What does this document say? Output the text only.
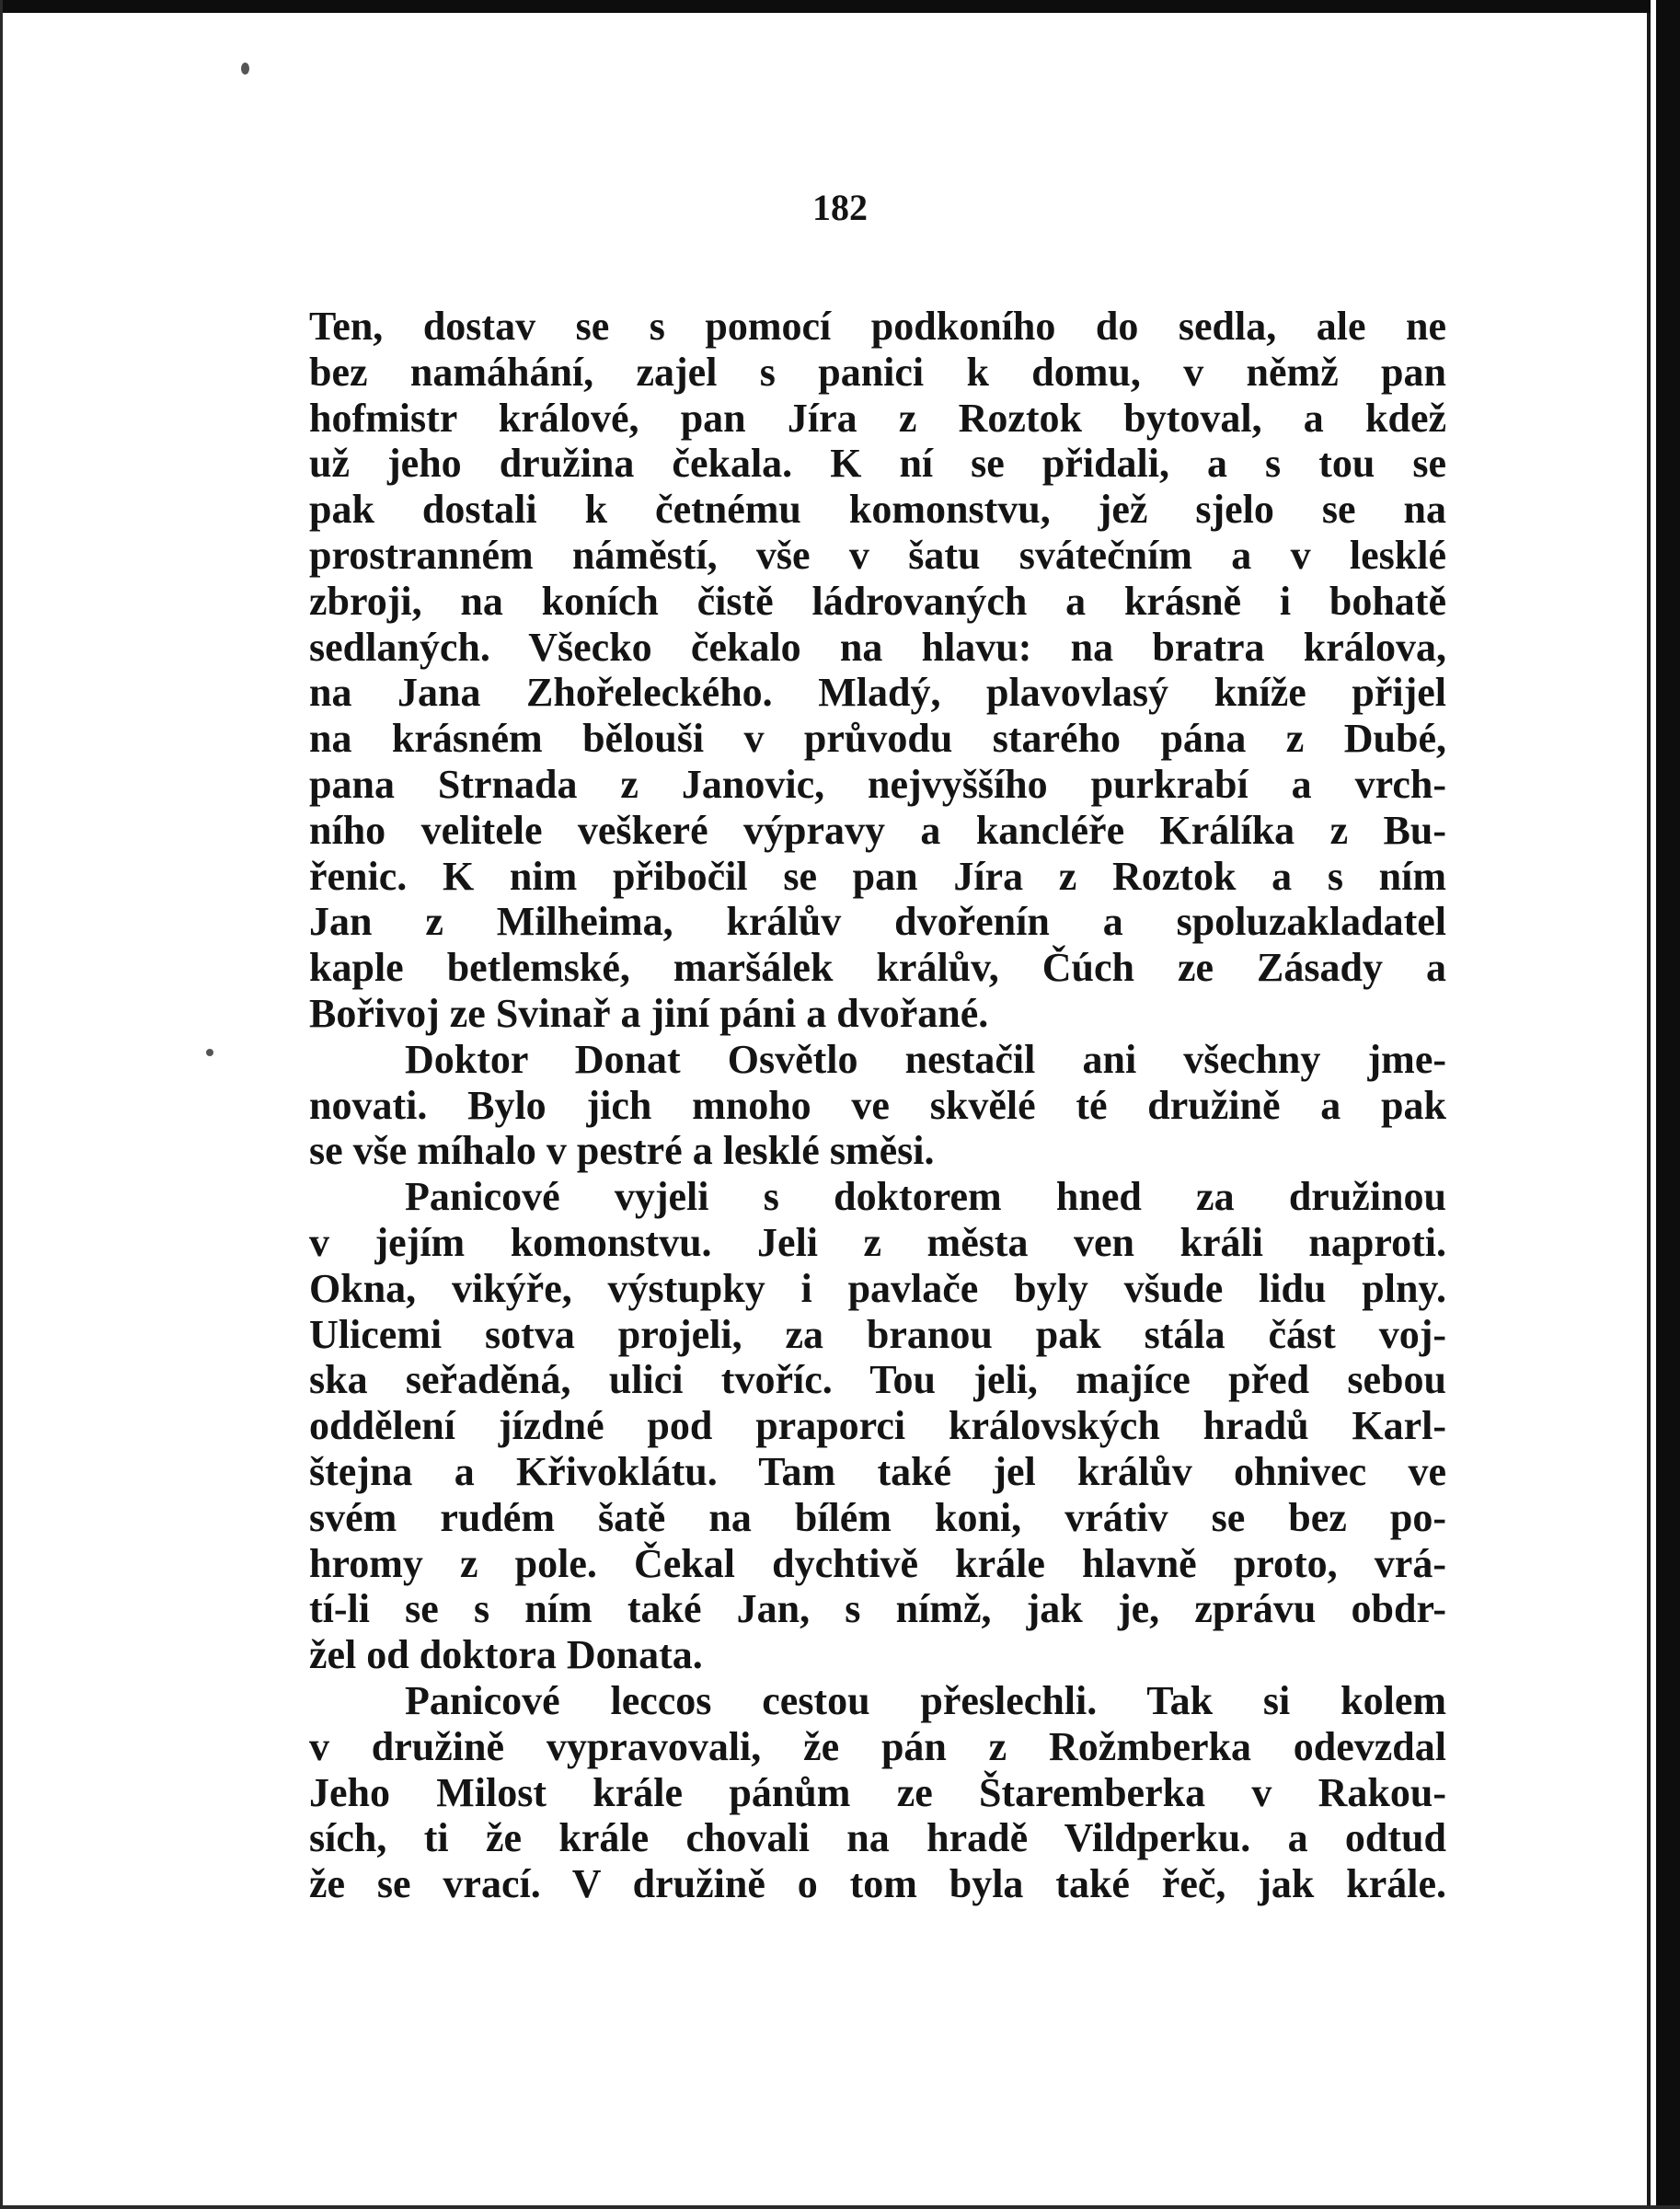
182
Ten, dostav se s pomocí podkoního do sedla, ale ne
bez namáhání, zajel s panici k domu, v němž pan
hofmistr králové, pan Jíra z Roztok bytoval, a kdež
už jeho družina čekala. K ní se přidali, a s tou se
pak dostali k četnému komonstvu, jež sjelo se na
prostranném náměstí, vše v šatu svátečním a v lesklé
zbroji, na koních čistě ládrovaných a krásně i bohatě
sedlaných. Všecko čekalo na hlavu: na bratra králova,
na Jana Zhořeleckého. Mladý, plavovlasý kníže přijel
na krásném bělouši v průvodu starého pána z Dubé,
pana Strnada z Janovic, nejvyššího purkrabí a vrch-
ního velitele veškeré výpravy a kancléře Králíka z Bu-
řenic. K nim přibočil se pan Jíra z Roztok a s ním
Jan z Milheima, králův dvořenín a spoluzakladatel
kaple betlemské, maršálek králův, Čúch ze Zásady a
Bořivoj ze Svinař a jiní páni a dvořané.
Doktor Donat Osvětlo nestačil ani všechny jme-
novati. Bylo jich mnoho ve skvělé té družině a pak
se vše míhalo v pestré a lesklé směsi.
Panicové vyjeli s doktorem hned za družinou
v jejím komonstvu. Jeli z města ven králi naproti.
Okna, vikýře, výstupky i pavlače byly všude lidu plny.
Ulicemi sotva projeli, za branou pak stála část voj-
ska seřaděná, ulici tvoříc. Tou jeli, majíce před sebou
oddělení jízdné pod praporci královských hradů Karl-
štejna a Křivoklátu. Tam také jel králův ohnivec ve
svém rudém šatě na bílém koni, vrátiv se bez po-
hromy z pole. Čekal dychtivě krále hlavně proto, vrá-
tí-li se s ním také Jan, s nímž, jak je, zprávu obdr-
žel od doktora Donata.
Panicové leccos cestou přeslechli. Tak si kolem
v družině vypravovali, že pán z Rožmberka odevzdal
Jeho Milost krále pánům ze Štaremberka v Rakou-
sích, ti že krále chovali na hradě Vildperku. a odtud
že se vrací. V družině o tom byla také řeč, jak krále.
